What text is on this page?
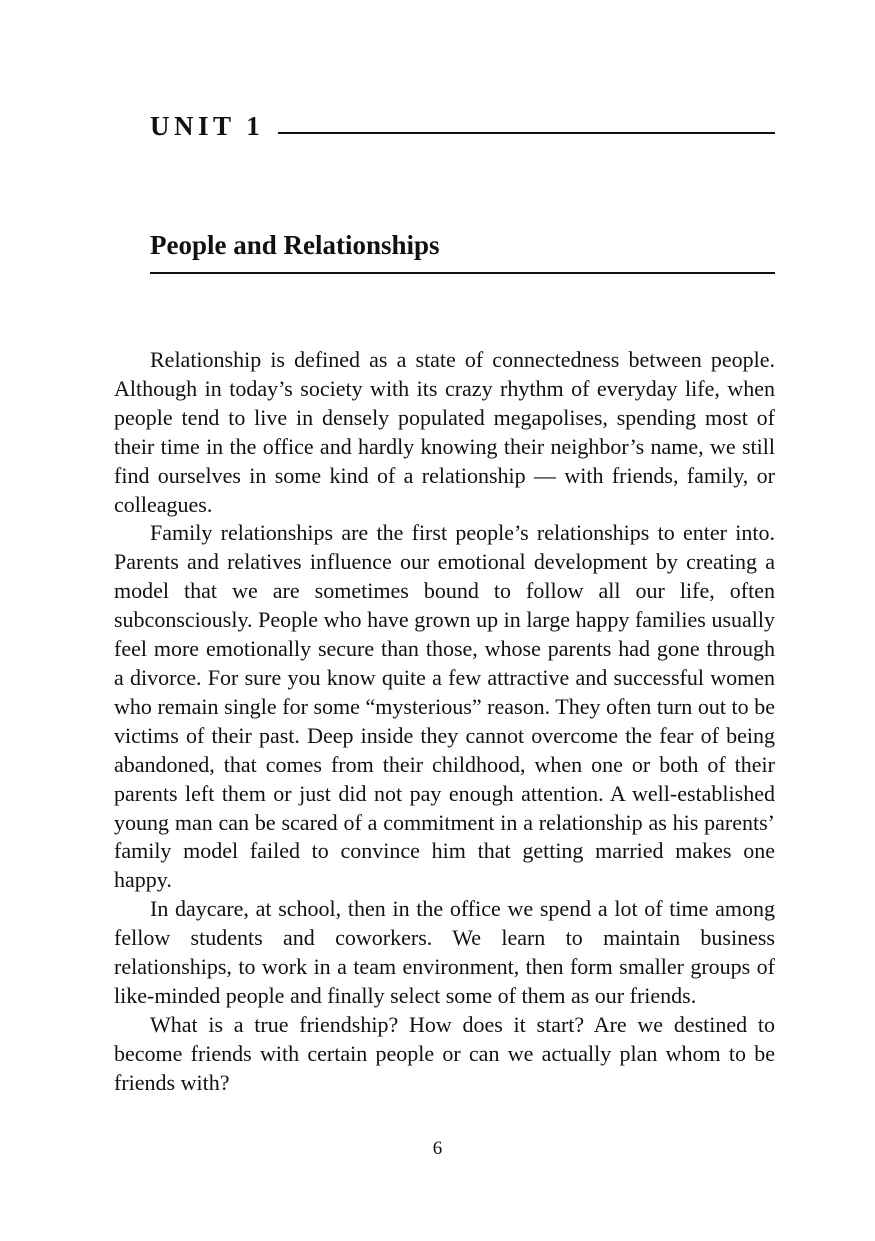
UNIT 1
People and Relationships

Relationship is defined as a state of connectedness between people. Although in today’s society with its crazy rhythm of everyday life, when people tend to live in densely populated megapolises, spending most of their time in the office and hardly knowing their neighbor’s name, we still find ourselves in some kind of a relationship — with friends, family, or colleagues.

Family relationships are the first people’s relationships to enter into. Parents and relatives influence our emotional development by creating a model that we are sometimes bound to follow all our life, often subconsciously. People who have grown up in large happy families usually feel more emotionally secure than those, whose parents had gone through a divorce. For sure you know quite a few attractive and successful women who remain single for some “mysterious” reason. They often turn out to be victims of their past. Deep inside they cannot overcome the fear of being abandoned, that comes from their childhood, when one or both of their parents left them or just did not pay enough attention. A well-established young man can be scared of a commitment in a relationship as his parents’ family model failed to convince him that getting married makes one happy.

In daycare, at school, then in the office we spend a lot of time among fellow students and coworkers. We learn to maintain business relationships, to work in a team environment, then form smaller groups of like-minded people and finally select some of them as our friends.

What is a true friendship? How does it start? Are we destined to become friends with certain people or can we actually plan whom to be friends with?

6
